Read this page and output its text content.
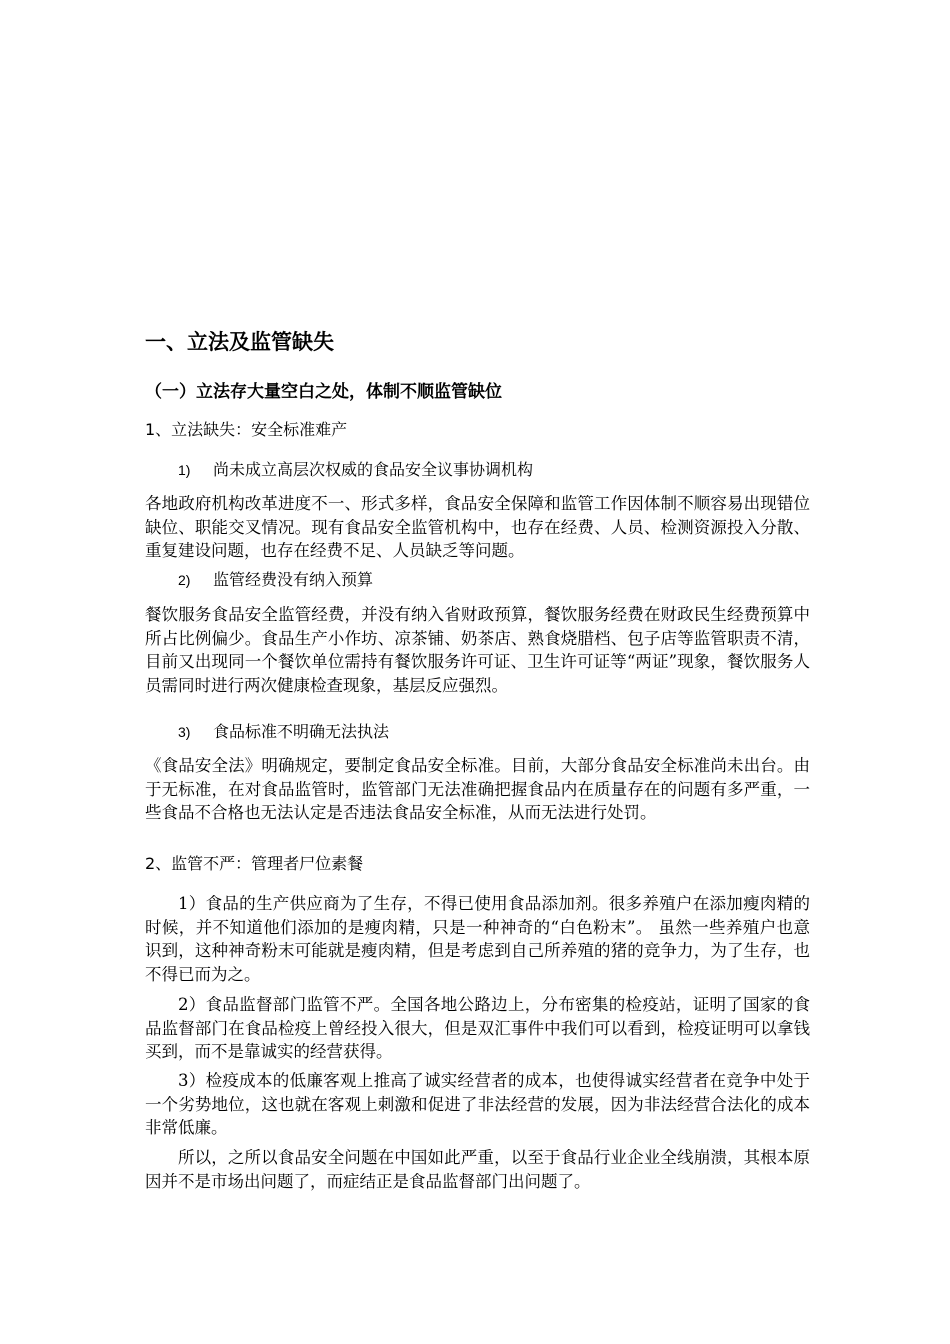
一、立法及监管缺失
（一）立法存大量空白之处，体制不顺监管缺位
1、立法缺失：安全标准难产
1) 尚未成立高层次权威的食品安全议事协调机构

各地政府机构改革进度不一、形式多样，食品安全保障和监管工作因体制不顺容易出现错位缺位、职能交叉情况。现有食品安全监管机构中，也存在经费、人员、检测资源投入分散、重复建设问题，也存在经费不足、人员缺乏等问题。

2) 监管经费没有纳入预算

餐饮服务食品安全监管经费，并没有纳入省财政预算，餐饮服务经费在财政民生经费预算中所占比例偏少。食品生产小作坊、凉茶铺、奶茶店、熟食烧腊档、包子店等监管职责不清，目前又出现同一个餐饮单位需持有餐饮服务许可证、卫生许可证等“两证”现象，餐饮服务人员需同时进行两次健康检查现象，基层反应强烈。

3) 食品标准不明确无法执法

《食品安全法》明确规定，要制定食品安全标准。目前，大部分食品安全标准尚未出台。由于无标准，在对食品监管时，监管部门无法准确把握食品内在质量存在的问题有多严重，一些食品不合格也无法认定是否违法食品安全标准，从而无法进行处罚。

2、监管不严：管理者尸位素餐

1）食品的生产供应商为了生存，不得已使用食品添加剂。很多养殖户在添加瘦肉精的时候，并不知道他们添加的是瘦肉精，只是一种神奇的“白色粉末”。 虽然一些养殖户也意识到，这种神奇粉末可能就是瘦肉精，但是考虑到自己所养殖的猪的竞争力，为了生存，也不得已而为之。

2）食品监督部门监管不严。全国各地公路边上，分布密集的检疫站，证明了国家的食品监督部门在食品检疫上曾经投入很大，但是双汇事件中我们可以看到，检疫证明可以拿钱买到，而不是靠诚实的经营获得。

3）检疫成本的低廉客观上推高了诚实经营者的成本，也使得诚实经营者在竞争中处于一个劣势地位，这也就在客观上刺激和促进了非法经营的发展，因为非法经营合法化的成本非常低廉。

所以，之所以食品安全问题在中国如此严重，以至于食品行业企业全线崩溃，其根本原因并不是市场出问题了，而症结正是食品监督部门出问题了。
